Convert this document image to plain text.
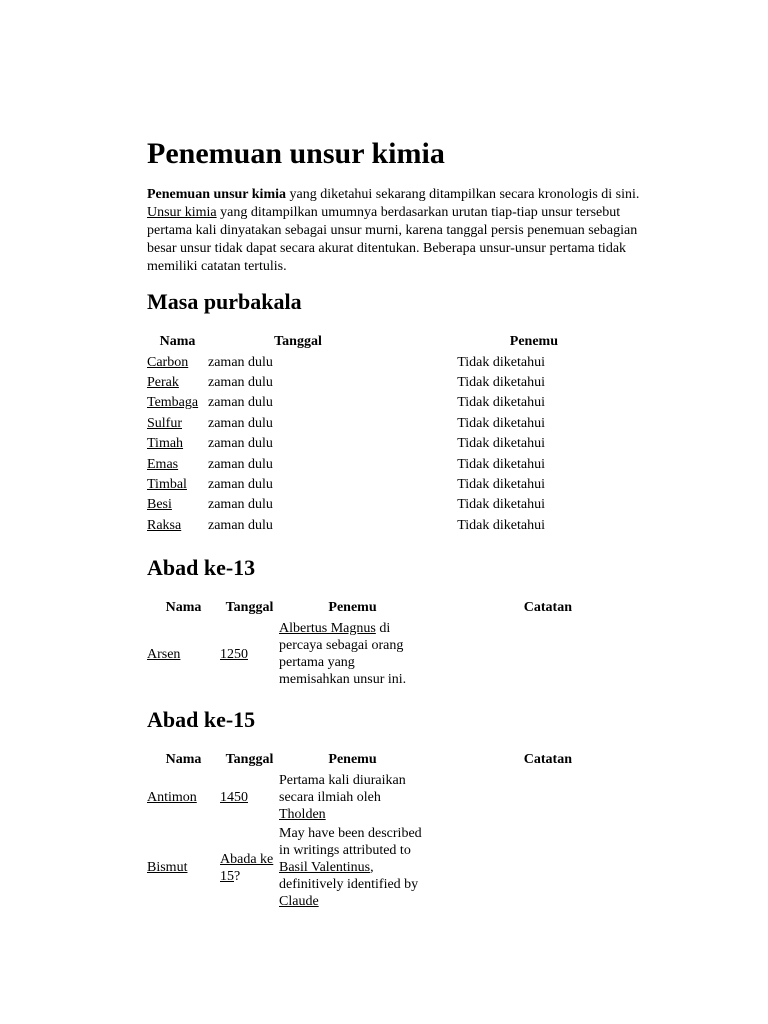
Penemuan unsur kimia

Penemuan unsur kimia yang diketahui sekarang ditampilkan secara kronologis di sini. Unsur kimia yang ditampilkan umumnya berdasarkan urutan tiap-tiap unsur tersebut pertama kali dinyatakan sebagai unsur murni, karena tanggal persis penemuan sebagian besar unsur tidak dapat secara akurat ditentukan. Beberapa unsur-unsur pertama tidak memiliki catatan tertulis.

Masa purbakala
Nama	Tanggal	Penemu
Carbon	zaman dulu	Tidak diketahui
Perak	zaman dulu	Tidak diketahui
Tembaga	zaman dulu	Tidak diketahui
Sulfur	zaman dulu	Tidak diketahui
Timah	zaman dulu	Tidak diketahui
Emas	zaman dulu	Tidak diketahui
Timbal	zaman dulu	Tidak diketahui
Besi	zaman dulu	Tidak diketahui
Raksa	zaman dulu	Tidak diketahui
Abad ke-13
Nama	Tanggal	Penemu	Catatan
Arsen	1250	Albertus Magnus di percaya sebagai orang pertama yang memisahkan unsur ini.	
Abad ke-15
Nama	Tanggal	Penemu	Catatan
Antimon	1450	Pertama kali diuraikan secara ilmiah oleh Tholden	
Bismut	Abada ke 15?	May have been described in writings attributed to Basil Valentinus, definitively identified by Claude	
